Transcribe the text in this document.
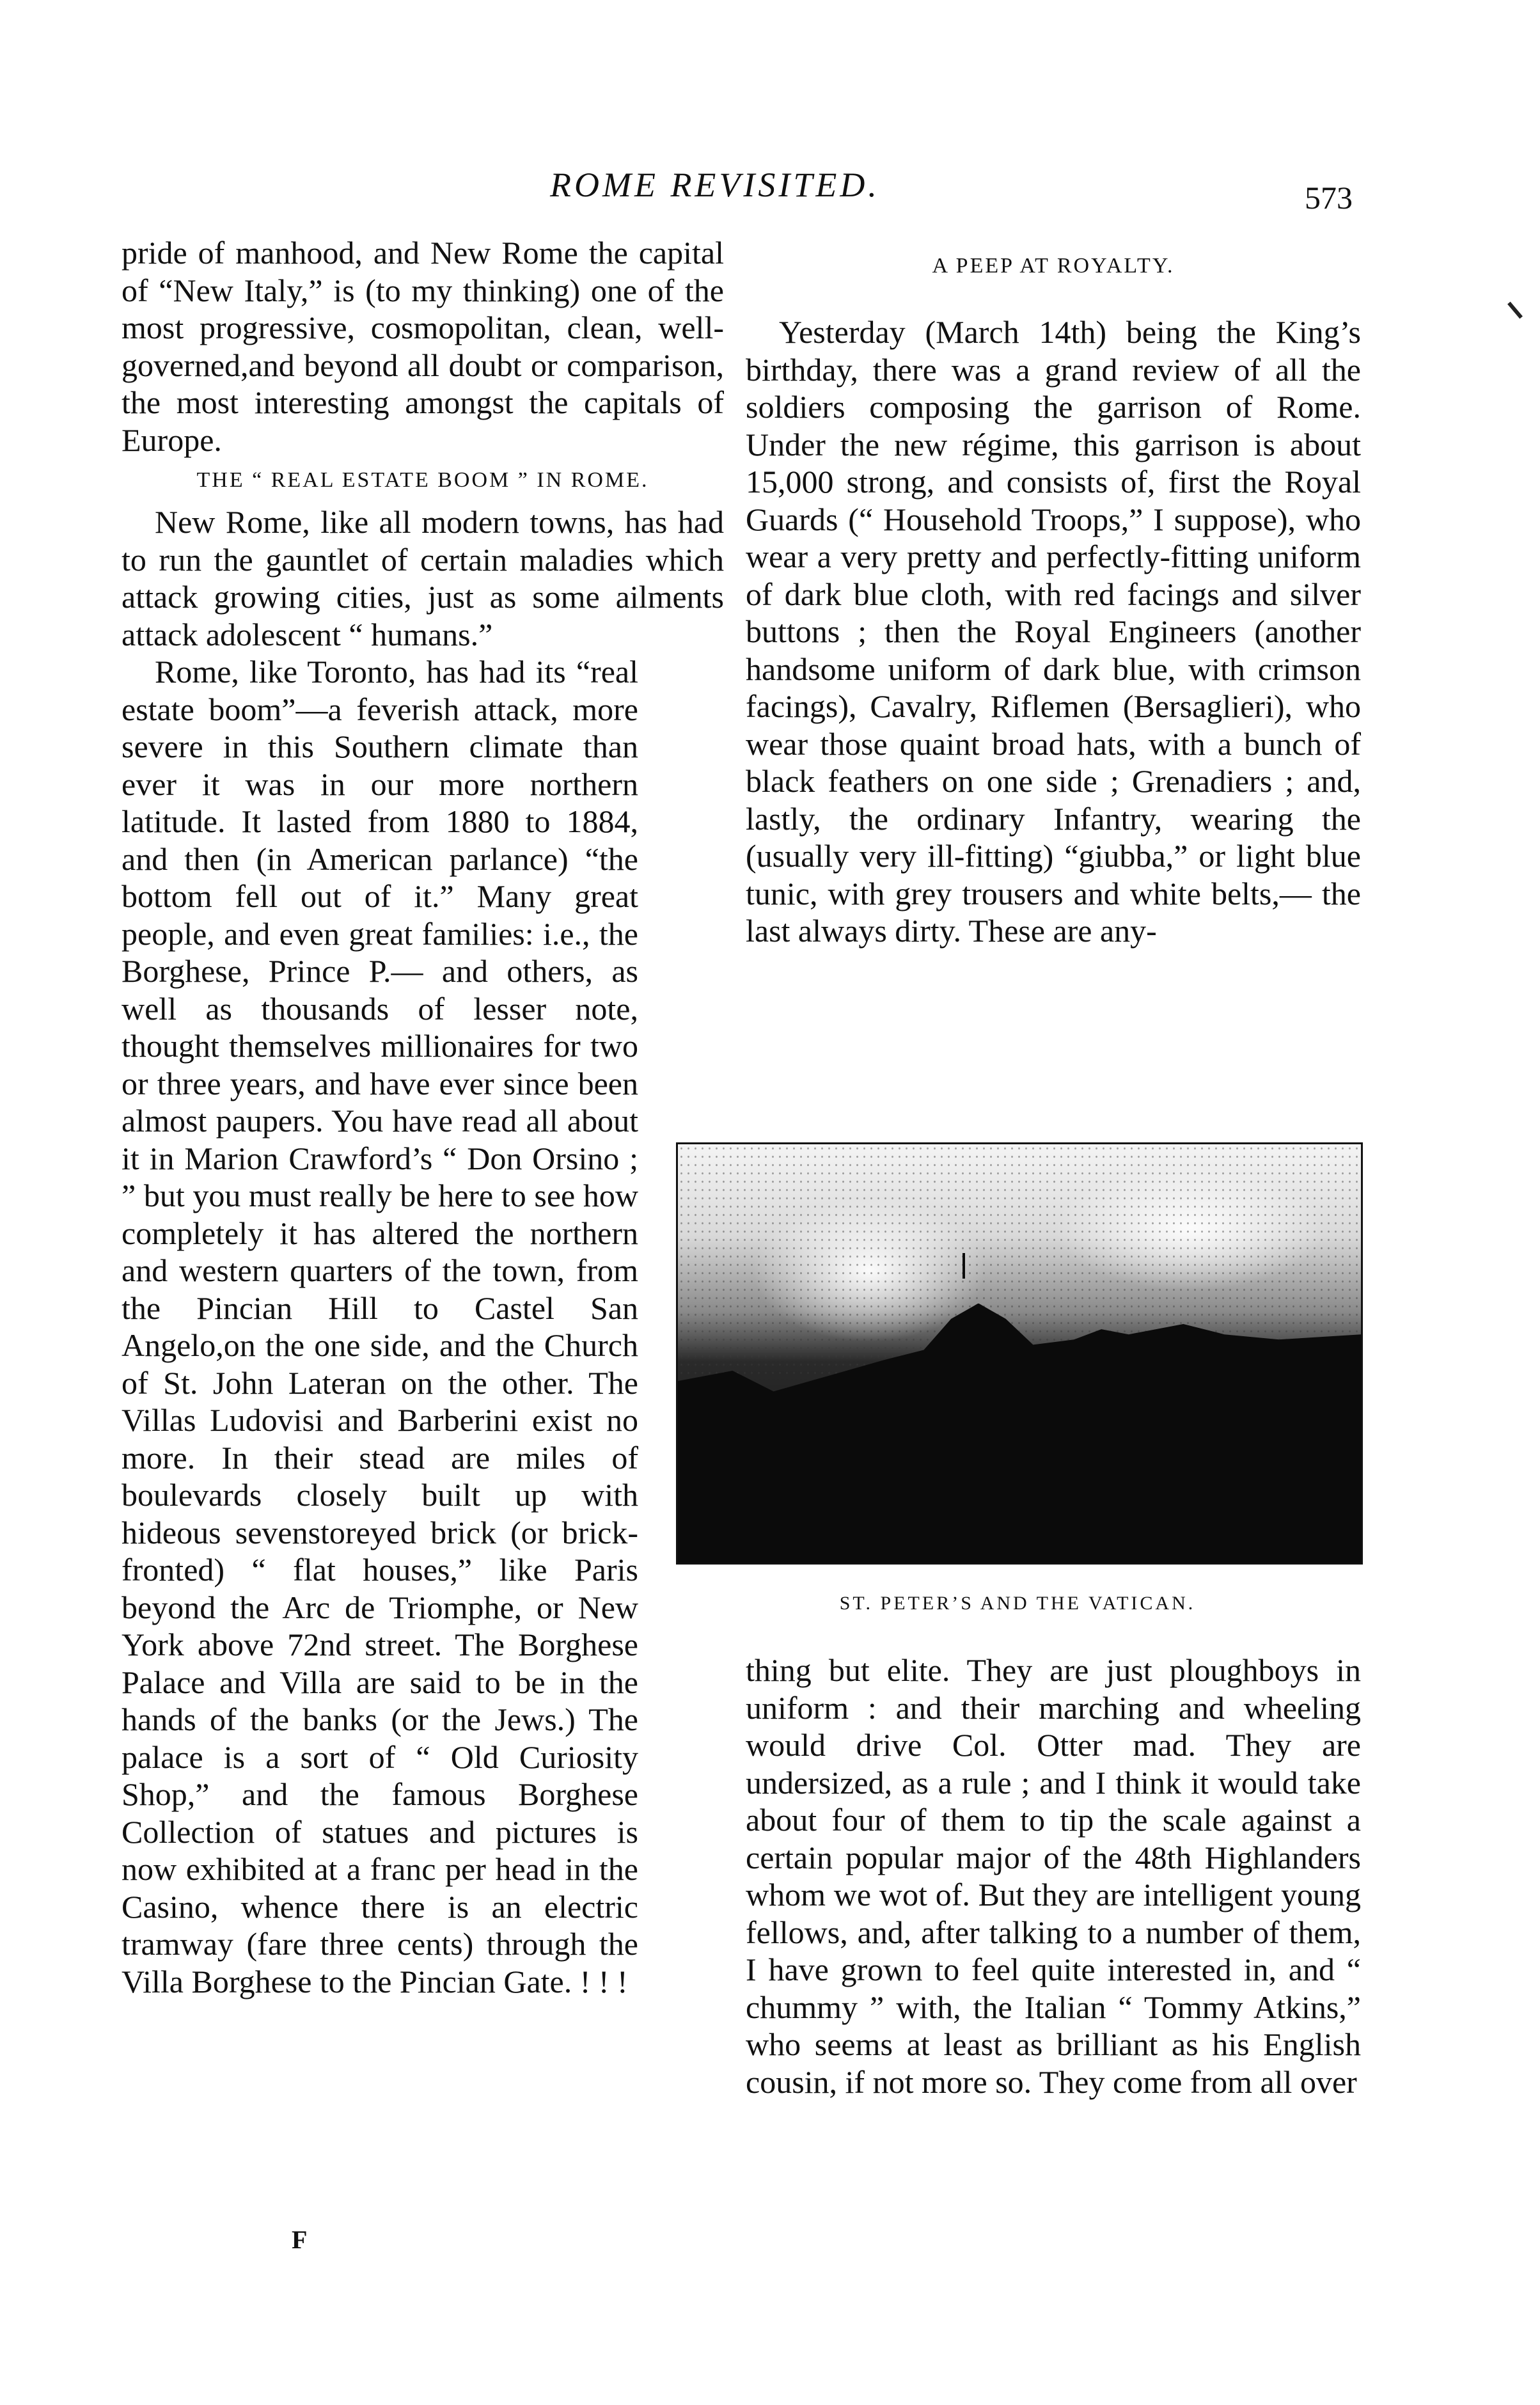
ROME REVISITED.	573

pride of manhood, and New Rome the capital of “New Italy,” is (to my thinking) one of the most progressive, cosmopolitan, clean, well-governed,and beyond all doubt or comparison, the most interesting amongst the capitals of Europe.

THE “ REAL ESTATE BOOM ” IN ROME.

New Rome, like all modern towns, has had to run the gauntlet of certain maladies which attack growing cities, just as some ailments attack adolescent “ humans.”

Rome, like Toronto, has had its “real estate boom”—a feverish attack, more severe in this Southern climate than ever it was in our more northern latitude. It lasted from 1880 to 1884, and then (in American parlance) “the bottom fell out of it.” Many great people, and even great families: i.e., the Borghese, Prince P.— and others, as well as thousands of lesser note, thought themselves millionaires for two or three years, and have ever since been almost paupers. You have read all about it in Marion Crawford’s “ Don Orsino ; ” but you must really be here to see how completely it has altered the northern and western quarters of the town, from the Pincian Hill to Castel San Angelo,on the one side, and the Church of St. John Lateran on the other. The Villas Ludovisi and Barberini exist no more. In their stead are miles of boulevards closely built up with hideous sevenstoreyed brick (or brick-fronted) “ flat houses,” like Paris beyond the Arc de Triomphe, or New York above 72nd street. The Borghese Palace and Villa are said to be in the hands of the banks (or the Jews.) The palace is a sort of “ Old Curiosity Shop,” and the famous Borghese Collection of statues and pictures is now exhibited at a franc per head in the Casino, whence there is an electric tramway (fare three cents) through the Villa Borghese to the Pincian Gate. ! ! !

A PEEP AT ROYALTY.

Yesterday (March 14th) being the King’s birthday, there was a grand review of all the soldiers composing the garrison of Rome. Under the new régime, this garrison is about 15,000 strong, and consists of, first the Royal Guards (“ Household Troops,” I suppose), who wear a very pretty and perfectly-fitting uniform of dark blue cloth, with red facings and silver buttons ; then the Royal Engineers (another handsome uniform of dark blue, with crimson facings), Cavalry, Riflemen (Bersaglieri), who wear those quaint broad hats, with a bunch of black feathers on one side ; Grenadiers ; and, lastly, the ordinary Infantry, wearing the (usually very ill-fitting) “giubba,” or light blue tunic, with grey trousers and white belts,— the last always dirty. These are any-

ST. PETER’S AND THE VATICAN.

thing but elite. They are just ploughboys in uniform : and their marching and wheeling would drive Col. Otter mad. They are undersized, as a rule ; and I think it would take about four of them to tip the scale against a certain popular major of the 48th Highlanders whom we wot of. But they are intelligent young fellows, and, after talking to a number of them, I have grown to feel quite interested in, and “ chummy ” with, the Italian “ Tommy Atkins,” who seems at least as brilliant as his English cousin, if not more so. They come from all over

F
